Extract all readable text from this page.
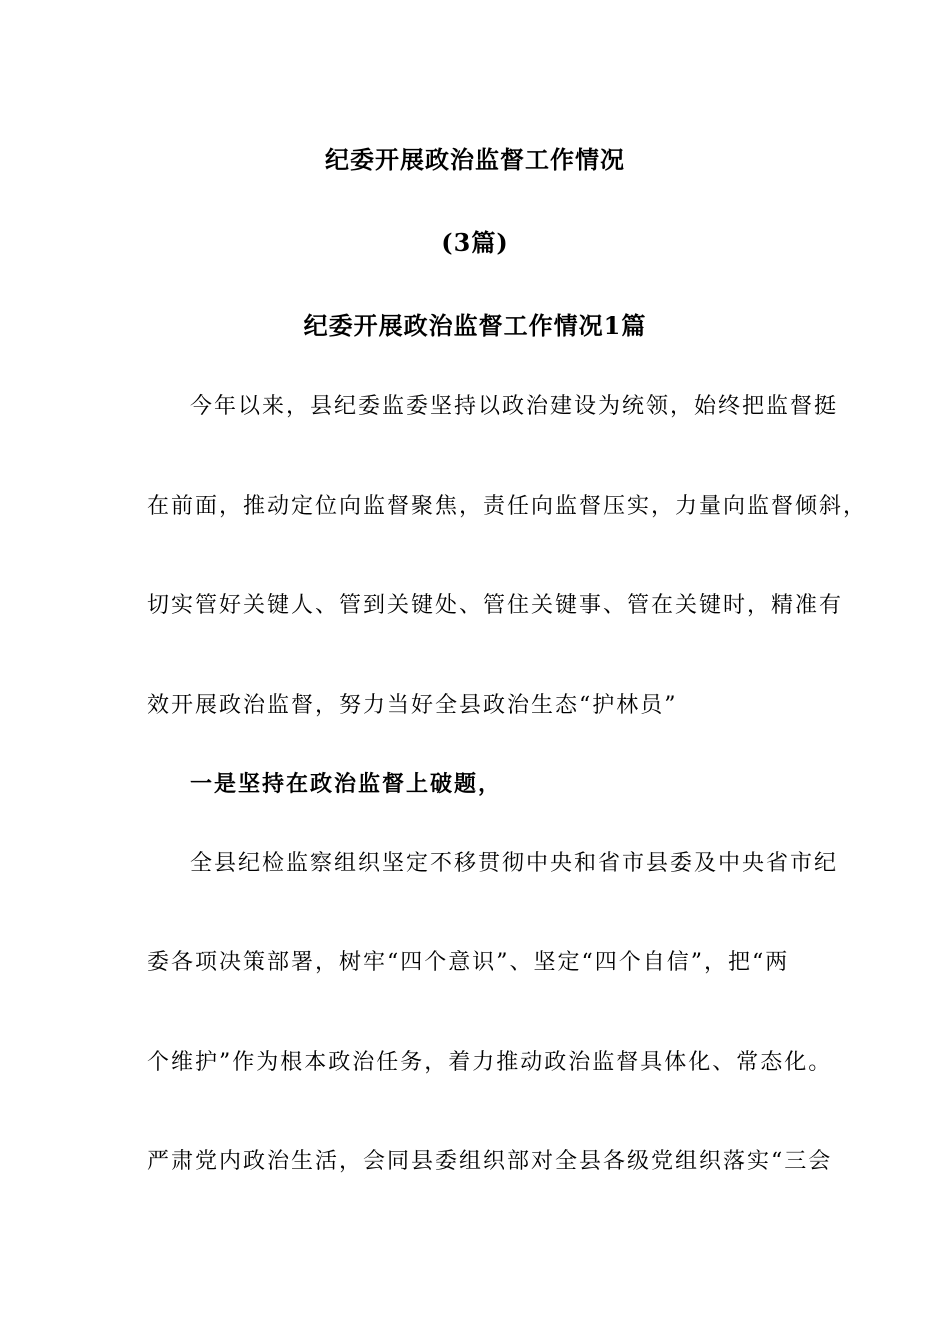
纪委开展政治监督工作情况
(3篇)
纪委开展政治监督工作情况1篇
今年以来，县纪委监委坚持以政治建设为统领，始终把监督挺
在前面，推动定位向监督聚焦，责任向监督压实，力量向监督倾斜，
切实管好关键人、管到关键处、管住关键事、管在关键时，精准有
效开展政治监督，努力当好全县政治生态“护林员”
一是坚持在政治监督上破题，
全县纪检监察组织坚定不移贯彻中央和省市县委及中央省市纪
委各项决策部署，树牢“四个意识”、坚定“四个自信”，把“两
个维护”作为根本政治任务，着力推动政治监督具体化、常态化。
严肃党内政治生活，会同县委组织部对全县各级党组织落实“三会
